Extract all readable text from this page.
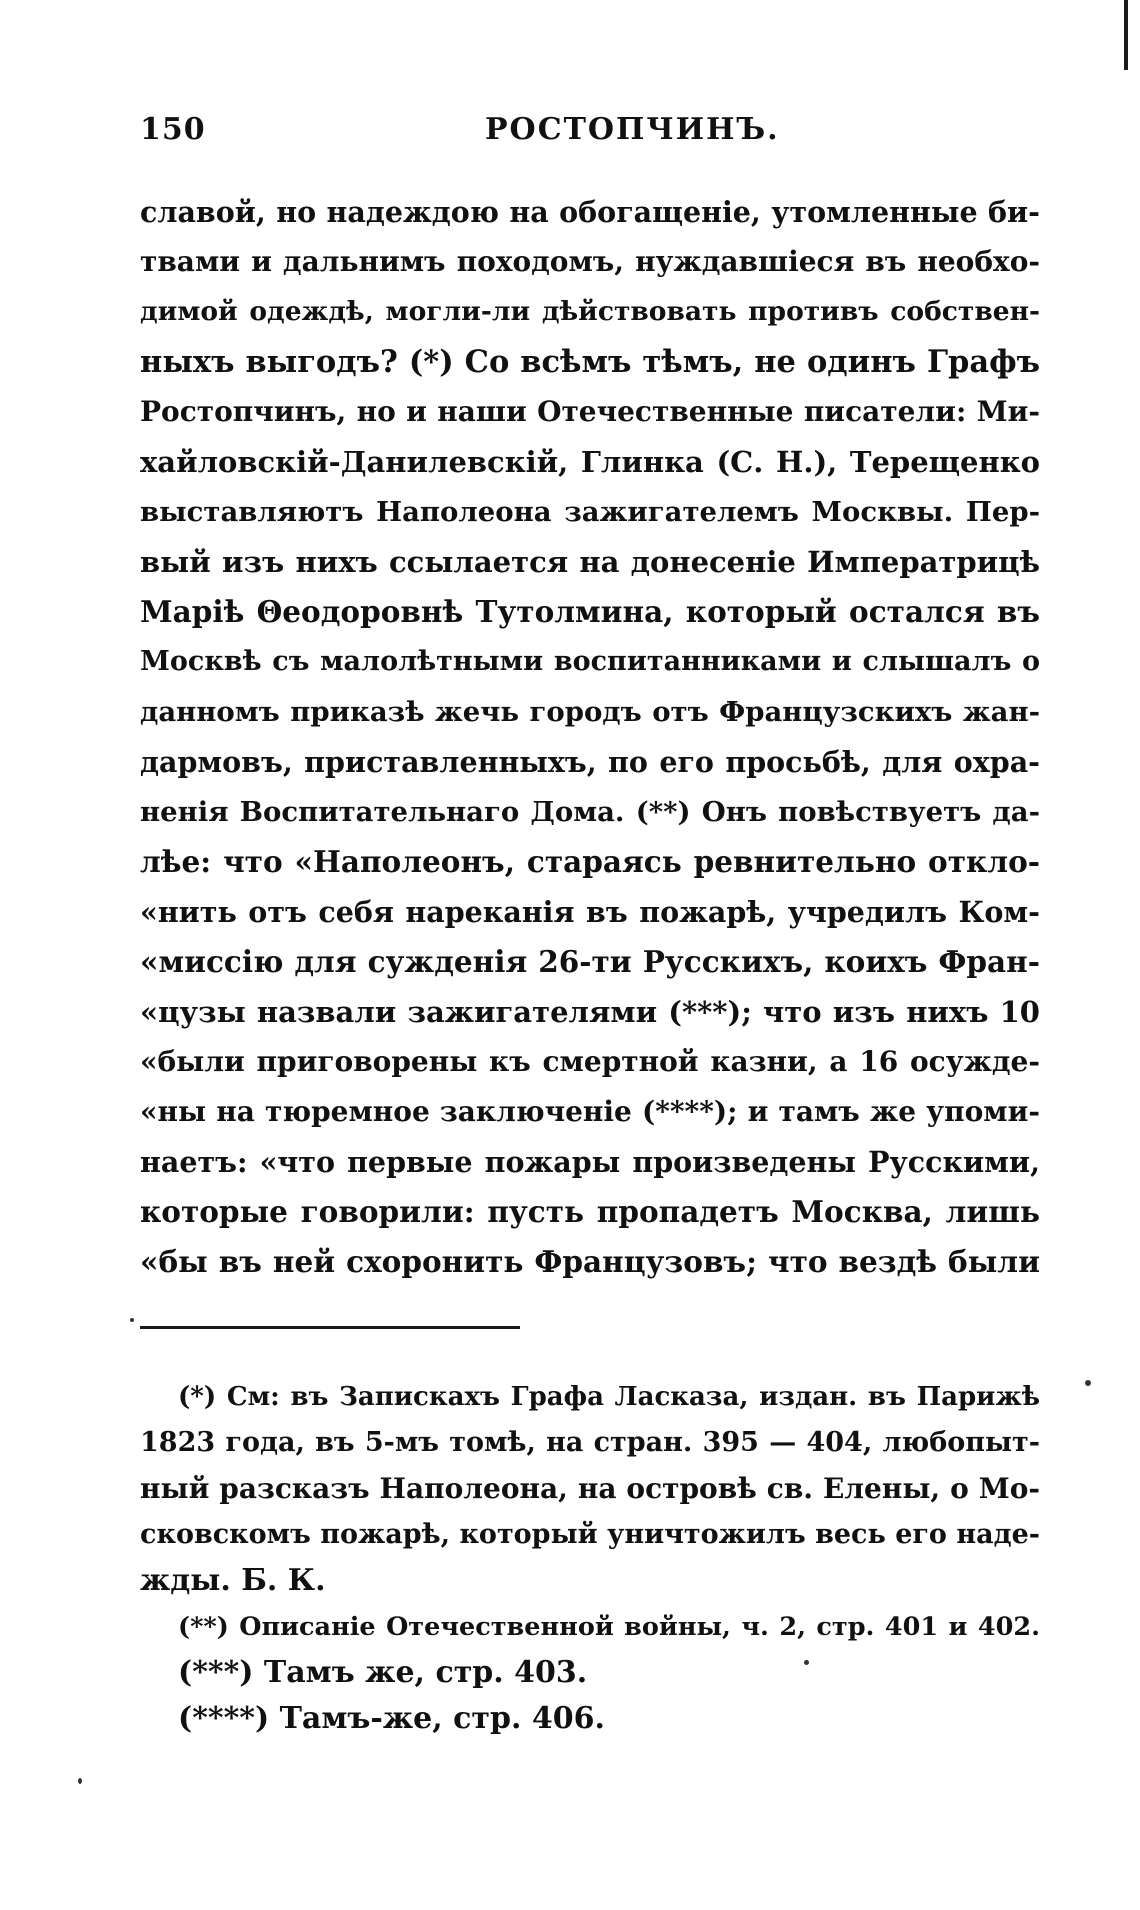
150	РОСТОПЧИНЪ.
славой, но надеждою на обогащеніе, утомленные би-
твами и дальнимъ походомъ, нуждавшіеся въ необхо-
димой одеждѣ, могли-ли дѣйствовать противъ собствен-
ныхъ выгодъ? (*) Со всѣмъ тѣмъ, не одинъ Графъ
Ростопчинъ, но и наши Отечественные писатели: Ми-
хайловскій-Данилевскій, Глинка (С. Н.), Терещенко
выставляютъ Наполеона зажигателемъ Москвы. Пер-
вый изъ нихъ ссылается на донесеніе Императрицѣ
Маріѣ Θеодоровнѣ Тутолмина, который остался въ
Москвѣ съ малолѣтными воспитанниками и слышалъ о
данномъ приказѣ жечь городъ отъ Французскихъ жан-
дармовъ, приставленныхъ, по его просьбѣ, для охра-
ненія Воспитательнаго Дома. (**) Онъ повѣствуетъ да-
лѣе: что «Наполеонъ, стараясь ревнительно откло-
«нить отъ себя нареканія въ пожарѣ, учредилъ Ком-
«миссію для сужденія 26-ти Русскихъ, коихъ Фран-
«цузы назвали зажигателями (***); что изъ нихъ 10
«были приговорены къ смертной казни, а 16 осужде-
«ны на тюремное заключеніе (****); и тамъ же упоми-
наетъ: «что первые пожары произведены Русскими,
которые говорили: пусть пропадетъ Москва, лишь
«бы въ ней схоронить Французовъ; что вездѣ были
(*) См: въ Запискахъ Графа Ласказа, издан. въ Парижѣ
1823 года, въ 5-мъ томѣ, на стран. 395 — 404, любопыт-
ный разсказъ Наполеона, на островѣ св. Елены, о Мо-
сковскомъ пожарѣ, который уничтожилъ весь его наде-
жды. Б. К.
(**) Описаніе Отечественной войны, ч. 2, стр. 401 и 402.
(***) Тамъ же, стр. 403.
(****) Тамъ-же, стр. 406.
